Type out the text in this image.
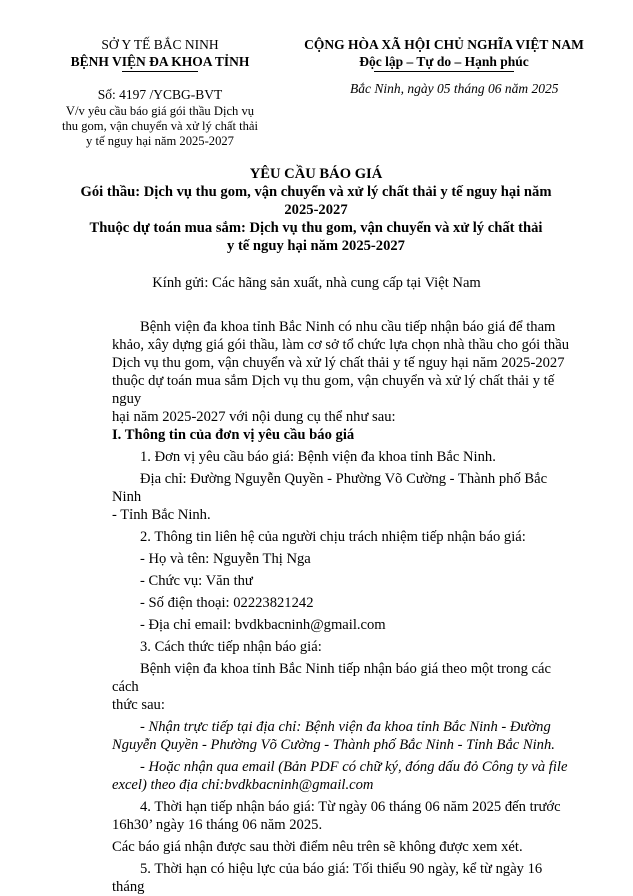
SỞ Y TẾ BẮC NINH
BỆNH VIỆN ĐA KHOA TỈNH
Số: 4197 /YCBG-BVT
V/v yêu cầu báo giá gói thầu Dịch vụ
thu gom, vận chuyển và xử lý chất thải
y tế nguy hại năm 2025-2027
CỘNG HÒA XÃ HỘI CHỦ NGHĨA VIỆT NAM
Độc lập – Tự do – Hạnh phúc
Bắc Ninh, ngày 05 tháng 06 năm 2025

YÊU CẦU BÁO GIÁ

Gói thầu: Dịch vụ thu gom, vận chuyển và xử lý chất thải y tế nguy hại năm

2025-2027

Thuộc dự toán mua sắm: Dịch vụ thu gom, vận chuyển và xử lý chất thải

y tế nguy hại năm 2025-2027

Kính gửi: Các hãng sản xuất, nhà cung cấp tại Việt Nam

Bệnh viện đa khoa tỉnh Bắc Ninh có nhu cầu tiếp nhận báo giá để tham

khảo, xây dựng giá gói thầu, làm cơ sở tổ chức lựa chọn nhà thầu cho gói thầu

Dịch vụ thu gom, vận chuyển và xử lý chất thải y tế nguy hại năm 2025-2027

thuộc dự toán mua sắm Dịch vụ thu gom, vận chuyển và xử lý chất thải y tế nguy

hại năm 2025-2027 với nội dung cụ thể như sau:

I. Thông tin của đơn vị yêu cầu báo giá

1. Đơn vị yêu cầu báo giá: Bệnh viện đa khoa tỉnh Bắc Ninh.

Địa chỉ: Đường Nguyễn Quyền - Phường Võ Cường - Thành phố Bắc Ninh

- Tỉnh Bắc Ninh.

2. Thông tin liên hệ của người chịu trách nhiệm tiếp nhận báo giá:

- Họ và tên: Nguyễn Thị Nga

- Chức vụ: Văn thư

- Số điện thoại: 02223821242

- Địa chỉ email: bvdkbacninh@gmail.com

3. Cách thức tiếp nhận báo giá:

Bệnh viện đa khoa tỉnh Bắc Ninh tiếp nhận báo giá theo một trong các cách

thức sau:

- Nhận trực tiếp tại địa chỉ: Bệnh viện đa khoa tỉnh Bắc Ninh - Đường

Nguyễn Quyền - Phường Võ Cường - Thành phố Bắc Ninh - Tỉnh Bắc Ninh.

- Hoặc nhận qua email (Bản PDF có chữ ký, đóng dấu đỏ Công ty và file

excel) theo địa chỉ:bvdkbacninh@gmail.com

4. Thời hạn tiếp nhận báo giá: Từ ngày 06 tháng 06 năm 2025 đến trước

16h30’ ngày 16 tháng 06 năm 2025.

Các báo giá nhận được sau thời điểm nêu trên sẽ không được xem xét.

5. Thời hạn có hiệu lực của báo giá: Tối thiểu 90 ngày, kể từ ngày 16 tháng
